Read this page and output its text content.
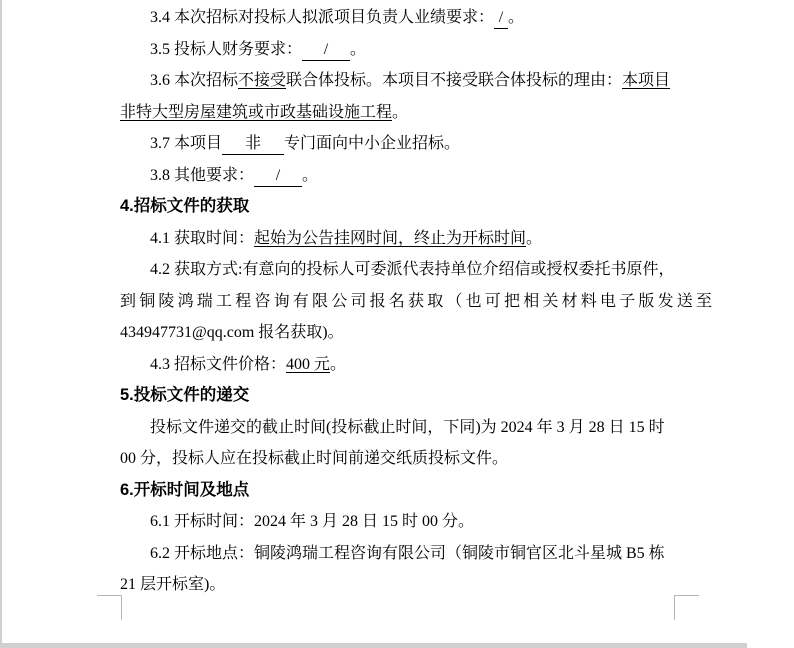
3.4 本次招标对投标人拟派项目负责人业绩要求： / 。
3.5 投标人财务要求： / 。
3.6 本次招标不接受联合体投标。本项目不接受联合体投标的理由：本项目
非特大型房屋建筑或市政基础设施工程。
3.7 本项目 非 专门面向中小企业招标。
3.8 其他要求： / 。
4.招标文件的获取
4.1 获取时间：起始为公告挂网时间，终止为开标时间。
4.2 获取方式:有意向的投标人可委派代表持单位介绍信或授权委托书原件，
到铜陵鸿瑞工程咨询有限公司报名获取（也可把相关材料电子版发送至
434947731@qq.com 报名获取)。
4.3 招标文件价格：400 元。
5.投标文件的递交
投标文件递交的截止时间(投标截止时间，下同)为 2024 年 3 月 28 日 15 时
00 分，投标人应在投标截止时间前递交纸质投标文件。
6.开标时间及地点
6.1 开标时间：2024 年 3 月 28 日 15 时 00 分。
6.2 开标地点：铜陵鸿瑞工程咨询有限公司（铜陵市铜官区北斗星城 B5 栋
21 层开标室)。
